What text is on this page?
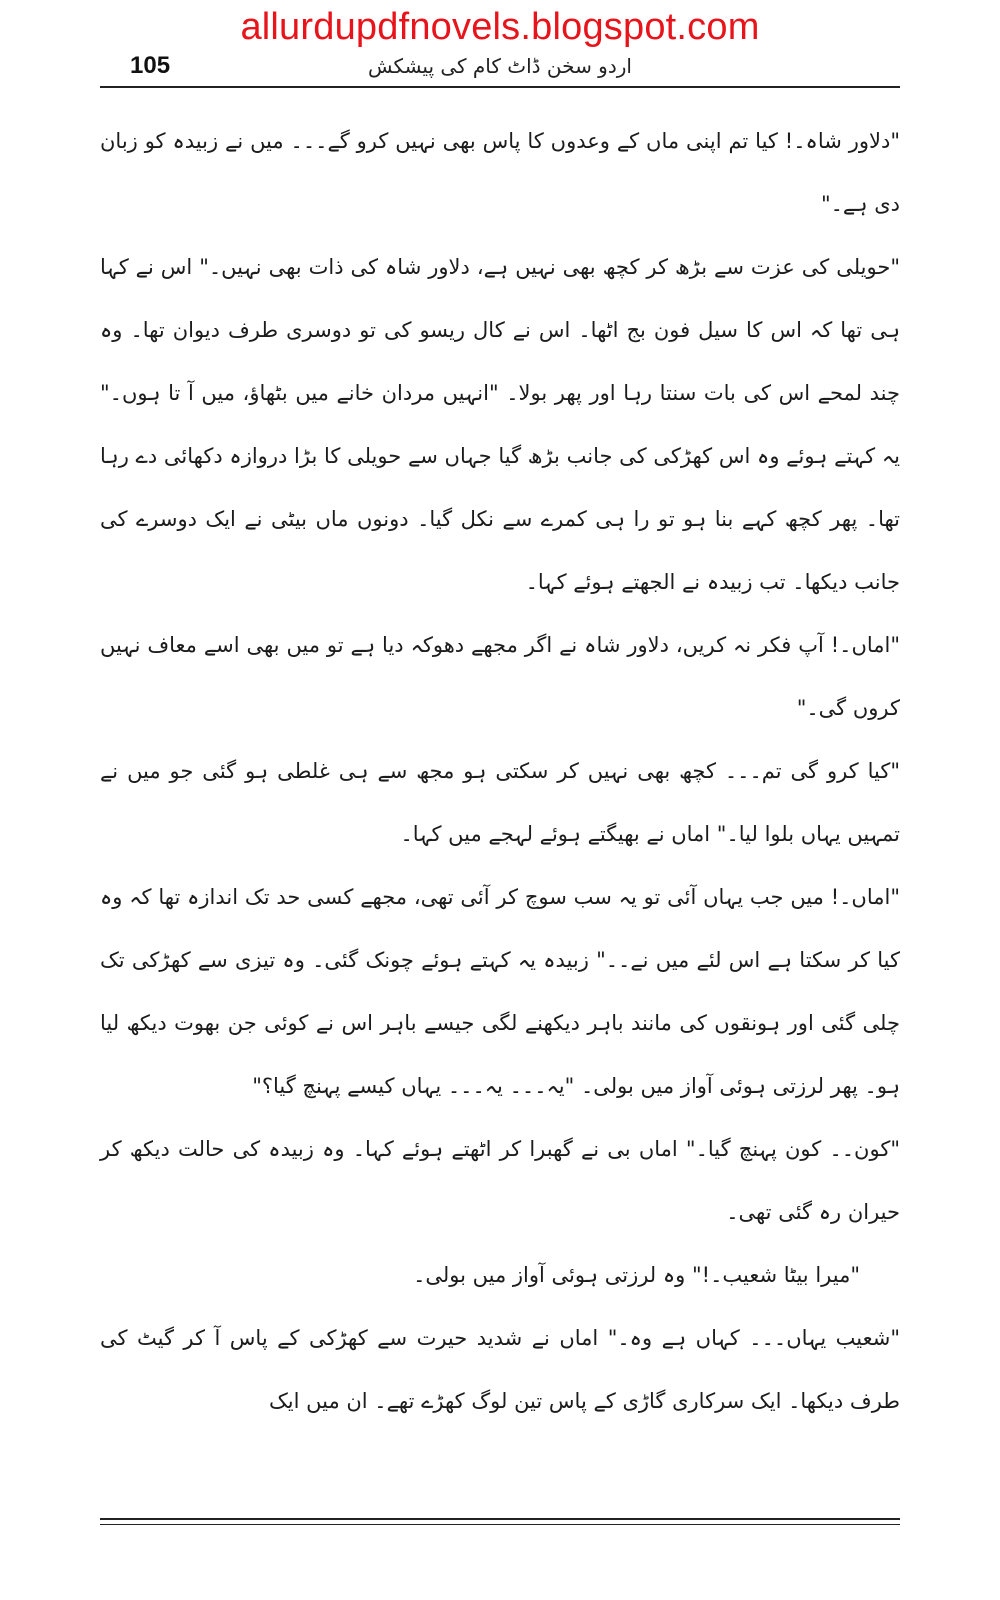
allurdupdfnovels.blogspot.com
105	اردو سخن ڈاٹ کام کی پیشکش

"دلاور شاہ۔! کیا تم اپنی ماں کے وعدوں کا پاس بھی نہیں کرو گے۔۔۔ میں نے زبیدہ کو زبان دی ہے۔"

"حویلی کی عزت سے بڑھ کر کچھ بھی نہیں ہے، دلاور شاہ کی ذات بھی نہیں۔" اس نے کہا ہی تھا کہ اس کا سیل فون بج اٹھا۔ اس نے کال ریسو کی تو دوسری طرف دیوان تھا۔ وہ چند لمحے اس کی بات سنتا رہا اور پھر بولا۔ "انہیں مردان خانے میں بٹھاؤ، میں آ تا ہوں۔" یہ کہتے ہوئے وہ اس کھڑکی کی جانب بڑھ گیا جہاں سے حویلی کا بڑا دروازہ دکھائی دے رہا تھا۔ پھر کچھ کہے بنا ہو تو را ہی کمرے سے نکل گیا۔ دونوں ماں بیٹی نے ایک دوسرے کی جانب دیکھا۔ تب زبیدہ نے الجھتے ہوئے کہا۔

"اماں۔! آپ فکر نہ کریں، دلاور شاہ نے اگر مجھے دھوکہ دیا ہے تو میں بھی اسے معاف نہیں کروں گی۔"

"کیا کرو گی تم۔۔۔ کچھ بھی نہیں کر سکتی ہو مجھ سے ہی غلطی ہو گئی جو میں نے تمہیں یہاں بلوا لیا۔" اماں نے بھیگتے ہوئے لہجے میں کہا۔

"اماں۔! میں جب یہاں آئی تو یہ سب سوچ کر آئی تھی، مجھے کسی حد تک اندازہ تھا کہ وہ کیا کر سکتا ہے اس لئے میں نے۔۔" زبیدہ یہ کہتے ہوئے چونک گئی۔ وہ تیزی سے کھڑکی تک چلی گئی اور ہونقوں کی مانند باہر دیکھنے لگی جیسے باہر اس نے کوئی جن بھوت دیکھ لیا ہو۔ پھر لرزتی ہوئی آواز میں بولی۔ "یہ۔۔۔ یہ۔۔۔ یہاں کیسے پہنچ گیا؟"

"کون۔۔ کون پہنچ گیا۔" اماں بی نے گھبرا کر اٹھتے ہوئے کہا۔ وہ زبیدہ کی حالت دیکھ کر حیران رہ گئی تھی۔

"میرا بیٹا شعیب۔!" وہ لرزتی ہوئی آواز میں بولی۔

"شعیب یہاں۔۔۔ کہاں ہے وہ۔" اماں نے شدید حیرت سے کھڑکی کے پاس آ کر گیٹ کی طرف دیکھا۔ ایک سرکاری گاڑی کے پاس تین لوگ کھڑے تھے۔ ان میں ایک
